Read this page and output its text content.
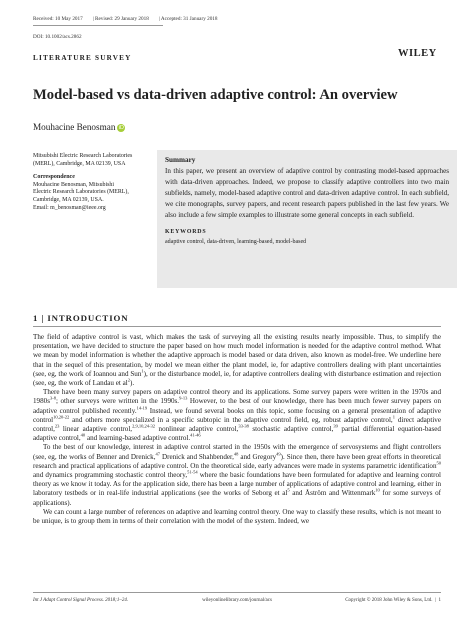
Received: 10 May 2017 | Revised: 29 January 2018 | Accepted: 31 January 2018
DOI: 10.1002/acs.2862
LITERATURE SURVEY	WILEY
Model-based vs data-driven adaptive control: An overview
Mouhacine Benosman iD
Mitsubishi Electric Research Laboratories
(MERL), Cambridge, MA 02139, USA
Correspondence
Mouhacine Benosman, Mitsubishi
Electric Research Laboratories (MERL),
Cambridge, MA 02139, USA.
Email: m_benosman@ieee.org
Summary

In this paper, we present an overview of adaptive control by contrasting model-based approaches with data-driven approaches. Indeed, we propose to classify adaptive controllers into two main subfields, namely, model-based adaptive control and data-driven adaptive control. In each subfield, we cite monographs, survey papers, and recent research papers published in the last few years. We also include a few simple examples to illustrate some general concepts in each subfield.

KEYWORDS
adaptive control, data-driven, learning-based, model-based
1 | INTRODUCTION

The field of adaptive control is vast, which makes the task of surveying all the existing results nearly impossible. Thus, to simplify the presentation, we have decided to structure the paper based on how much model information is needed for the adaptive control method. What we mean by model information is whether the adaptive approach is model based or data driven, also known as model-free. We underline here that in the sequel of this presentation, by model we mean either the plant model, ie, for adaptive controllers dealing with plant uncertainties (see, eg, the work of Ioannou and Sun$^1$), or the disturbance model, ie, for adaptive controllers dealing with disturbance estimation and rejection (see, eg, the work of Landau et $al^2$).

There have been many survey papers on adaptive control theory and its applications. Some survey papers were written in the 1970s and $1980s^{3-8}$; other surveys were written in the 1990s.$^{9-13}$ However, to the best of our knowledge, there has been much fewer survey papers on adaptive control published recently.$^{14-19}$ Instead, we found several books on this topic, some focusing on a general presentation of adaptive control$^{10,20-22}$ and others more specialized in a specific subtopic in the adaptive control field, eg, robust adaptive control,$^1$ direct adaptive control,$^{23}$ linear adaptive control,$^{2,9,10,24-32}$ nonlinear adaptive control,$^{33-38}$ stochastic adaptive control,$^{39}$ partial differential equation-based adaptive control,$^{40}$ and learning-based adaptive control.$^{41-46}$

To the best of our knowledge, interest in adaptive control started in the 1950s with the emergence of servosystems and flight controllers (see, eg, the works of Benner and Drenick,$^{47}$ Drenick and Shahbender,$^{48}$ and Gregory$^{49}$). Since then, there have been great efforts in theoretical research and practical applications of adaptive control. On the theoretical side, early advances were made in systems parametric identification$^{50}$ and dynamics programming stochastic control theory,$^{51-54}$ where the basic foundations have been formulated for adaptive and learning control theory as we know it today. As for the application side, there has been a large number of applications of adaptive control and learning, either in laboratory testbeds or in real-life industrial applications (see the works of Seborg et $al^5$ and Åström and Wittenmark$^{10}$ for some surveys of applications).

We can count a large number of references on adaptive and learning control theory. One way to classify these results, which is not meant to be unique, is to group them in terms of their correlation with the model of the system. Indeed, we

Int J Adapt Control Signal Process. 2018;1–24.	wileyonlinelibrary.com/journal/acs	Copyright © 2018 John Wiley & Sons, Ltd.  |  1
